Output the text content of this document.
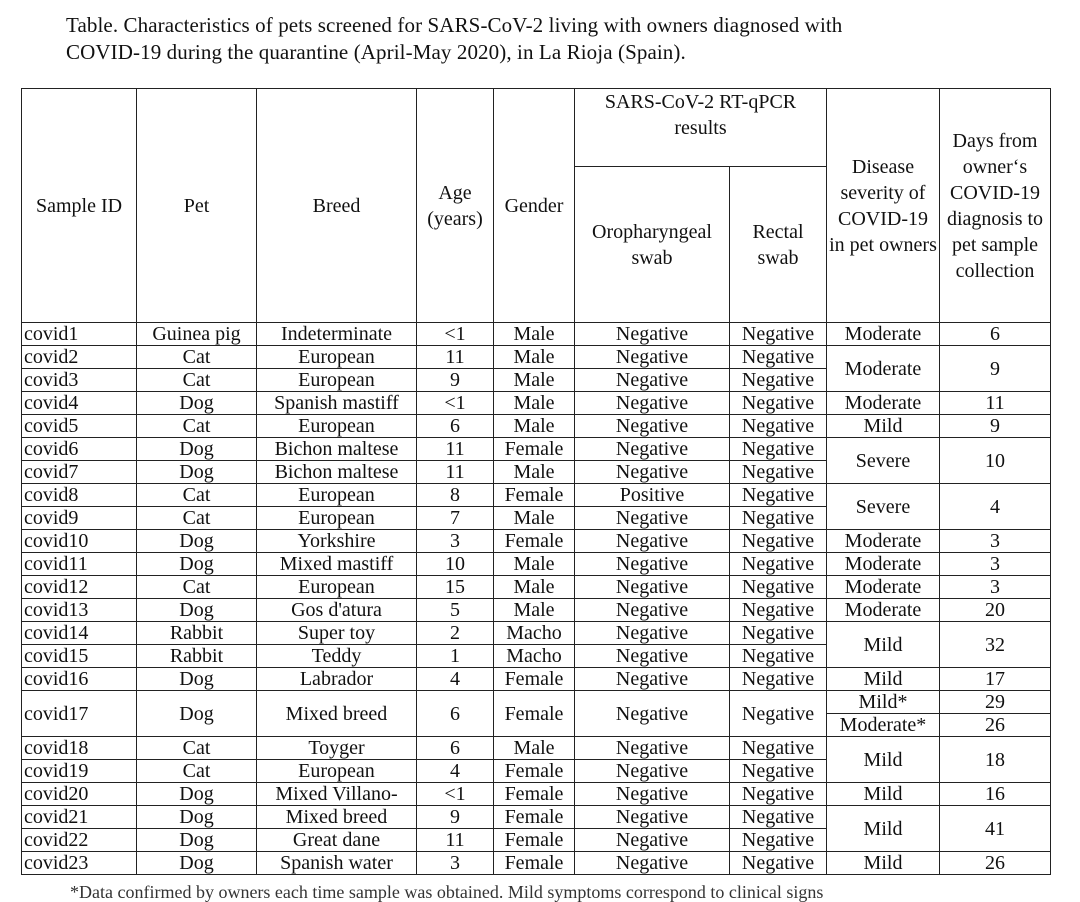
Table. Characteristics of pets screened for SARS-CoV-2 living with owners diagnosed with
COVID-19 during the quarantine (April-May 2020), in La Rioja (Spain).
Sample ID	Pet	Breed	Age (years)	Gender	SARS-CoV-2 RT-qPCR results		Disease severity of COVID-19 in pet owners	Days from owner‘s COVID-19 diagnosis to pet sample collection
					Oropharyngeal swab	Rectal swab		
covid1	Guinea pig	Indeterminate	<1	Male	Negative	Negative	Moderate	6
covid2	Cat	European	11	Male	Negative	Negative	Moderate	9
covid3	Cat	European	9	Male	Negative	Negative		
covid4	Dog	Spanish mastiff	<1	Male	Negative	Negative	Moderate	11
covid5	Cat	European	6	Male	Negative	Negative	Mild	9
covid6	Dog	Bichon maltese	11	Female	Negative	Negative	Severe	10
covid7	Dog	Bichon maltese	11	Male	Negative	Negative		
covid8	Cat	European	8	Female	Positive	Negative	Severe	4
covid9	Cat	European	7	Male	Negative	Negative		
covid10	Dog	Yorkshire	3	Female	Negative	Negative	Moderate	3
covid11	Dog	Mixed mastiff	10	Male	Negative	Negative	Moderate	3
covid12	Cat	European	15	Male	Negative	Negative	Moderate	3
covid13	Dog	Gos d'atura	5	Male	Negative	Negative	Moderate	20
covid14	Rabbit	Super toy	2	Macho	Negative	Negative	Mild	32
covid15	Rabbit	Teddy	1	Macho	Negative	Negative		
covid16	Dog	Labrador	4	Female	Negative	Negative	Mild	17
covid17	Dog	Mixed breed	6	Female	Negative	Negative	Mild*	29
							Moderate*	26
covid18	Cat	Toyger	6	Male	Negative	Negative	Mild	18
covid19	Cat	European	4	Female	Negative	Negative		
covid20	Dog	Mixed Villano-	<1	Female	Negative	Negative	Mild	16
covid21	Dog	Mixed breed	9	Female	Negative	Negative	Mild	41
covid22	Dog	Great dane	11	Female	Negative	Negative		
covid23	Dog	Spanish water	3	Female	Negative	Negative	Mild	26
*Data confirmed by owners each time sample was obtained. Mild symptoms correspond to clinical signs
